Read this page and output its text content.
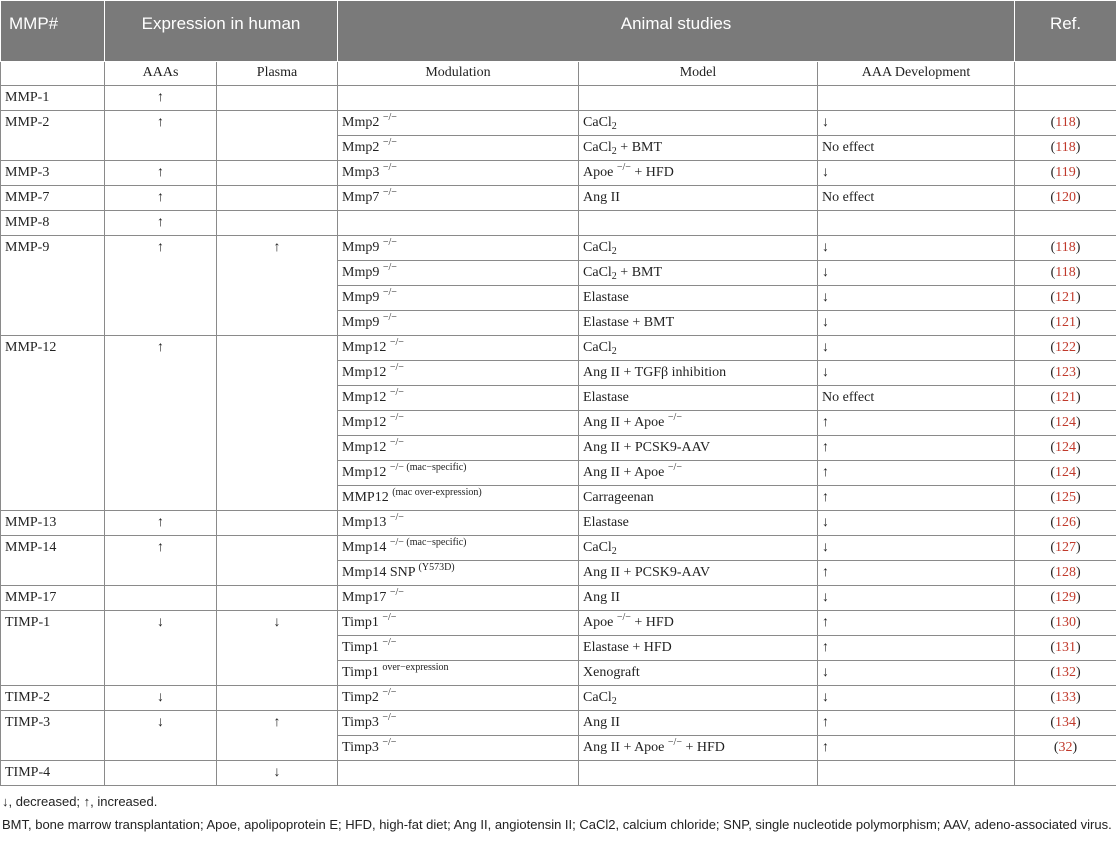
MMP#	Expression in human		Animal studies			Ref.
	AAAs	Plasma	Modulation	Model	AAA Development	
MMP-1	↑					
MMP-2	↑		Mmp2 −/−	CaCl$_2$	↓	(118)
			Mmp2 −/−	CaCl$_2$ + BMT	No effect	(118)
MMP-3	↑		Mmp3 −/−	Apoe −/− + HFD	↓	(119)
MMP-7	↑		Mmp7 −/−	Ang II	No effect	(120)
MMP-8	↑					
MMP-9	↑	↑	Mmp9 −/−	CaCl$_2$	↓	(118)
			Mmp9 −/−	CaCl$_2$ + BMT	↓	(118)
			Mmp9 −/−	Elastase	↓	(121)
			Mmp9 −/−	Elastase + BMT	↓	(121)
MMP-12	↑		Mmp12 −/−	CaCl$_2$	↓	(122)
			Mmp12 −/−	Ang II + TGFβ inhibition	↓	(123)
			Mmp12 −/−	Elastase	No effect	(121)
			Mmp12 −/−	Ang II + Apoe −/−	↑	(124)
			Mmp12 −/−	Ang II + PCSK9-AAV	↑	(124)
			Mmp12 $^{-/- (mac-specific)}$	Ang II + Apoe −/−	↑	(124)
			MMP12 $^{(mac over-expression)}$	Carrageenan	↑	(125)
MMP-13	↑		Mmp13 −/−	Elastase	↓	(126)
MMP-14	↑		Mmp14 $^{-/- (mac-specific)}$	CaCl$_2$	↓	(127)
			Mmp14 SNP $^{(Y573D)}$	Ang II + PCSK9-AAV	↑	(128)
MMP-17			Mmp17 −/−	Ang II	↓	(129)
TIMP-1	↓	↓	Timp1 −/−	Apoe −/− + HFD	↑	(130)
			Timp1 −/−	Elastase + HFD	↑	(131)
			Timp1 $^{over-expression}$	Xenograft	↓	(132)
TIMP-2	↓		Timp2 −/−	CaCl$_2$	↓	(133)
TIMP-3	↓	↑	Timp3 −/−	Ang II	↑	(134)
			Timp3 −/−	Ang II + Apoe −/− + HFD	↑	(32)
TIMP-4		↓				

↓, decreased; ↑, increased.

BMT, bone marrow transplantation; Apoe, apolipoprotein E; HFD, high-fat diet; Ang II, angiotensin II; CaCl2, calcium chloride; SNP, single nucleotide polymorphism; AAV, adeno-associated virus.
